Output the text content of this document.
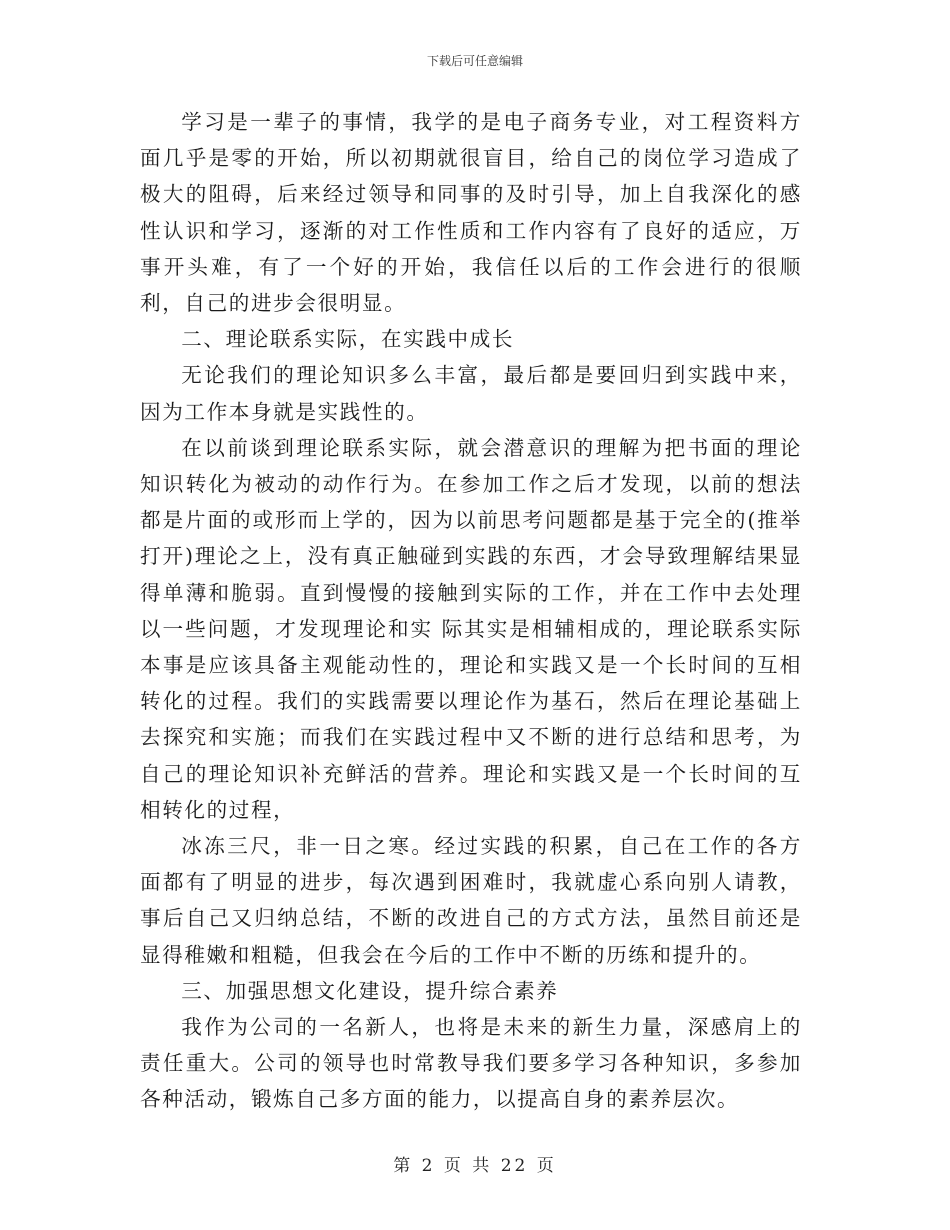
下载后可任意编辑

学习是一辈子的事情，我学的是电子商务专业，对工程资料方面几乎是零的开始，所以初期就很盲目，给自己的岗位学习造成了极大的阻碍，后来经过领导和同事的及时引导，加上自我深化的感性认识和学习，逐渐的对工作性质和工作内容有了良好的适应，万事开头难，有了一个好的开始，我信任以后的工作会进行的很顺利，自己的进步会很明显。

二、理论联系实际，在实践中成长

无论我们的理论知识多么丰富，最后都是要回归到实践中来，因为工作本身就是实践性的。

在以前谈到理论联系实际，就会潜意识的理解为把书面的理论知识转化为被动的动作行为。在参加工作之后才发现，以前的想法都是片面的或形而上学的，因为以前思考问题都是基于完全的(推举打开)理论之上，没有真正触碰到实践的东西，才会导致理解结果显得单薄和脆弱。直到慢慢的接触到实际的工作，并在工作中去处理以一些问题，才发现理论和实 际其实是相辅相成的，理论联系实际本事是应该具备主观能动性的，理论和实践又是一个长时间的互相转化的过程。我们的实践需要以理论作为基石，然后在理论基础上去探究和实施；而我们在实践过程中又不断的进行总结和思考，为自己的理论知识补充鲜活的营养。理论和实践又是一个长时间的互相转化的过程，

冰冻三尺，非一日之寒。经过实践的积累，自己在工作的各方面都有了明显的进步，每次遇到困难时，我就虚心系向别人请教，事后自己又归纳总结，不断的改进自己的方式方法，虽然目前还是显得稚嫩和粗糙，但我会在今后的工作中不断的历练和提升的。

三、加强思想文化建设，提升综合素养

我作为公司的一名新人，也将是未来的新生力量，深感肩上的责任重大。公司的领导也时常教导我们要多学习各种知识，多参加各种活动，锻炼自己多方面的能力，以提高自身的素养层次。

第 2 页 共 22 页
